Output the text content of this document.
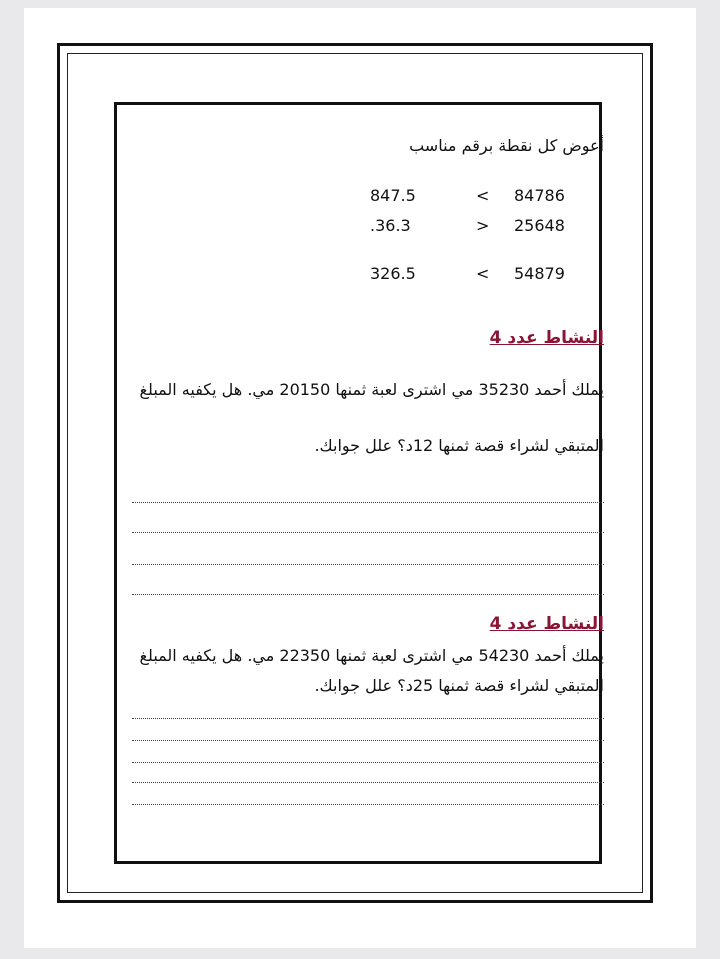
أعوض كل نقطة برقم مناسب
847.5	< 84786
.36.3	> 25648
326.5	< 54879
النشاط عدد 4
يملك أحمد 35230 مي اشترى لعبة ثمنها 20150 مي. هل يكفيه المبلغ
المتبقي لشراء قصة ثمنها 12د؟ علل جوابك.
النشاط عدد 4
يملك أحمد 54230 مي اشترى لعبة ثمنها 22350 مي. هل يكفيه المبلغ
المتبقي لشراء قصة ثمنها 25د؟ علل جوابك.
